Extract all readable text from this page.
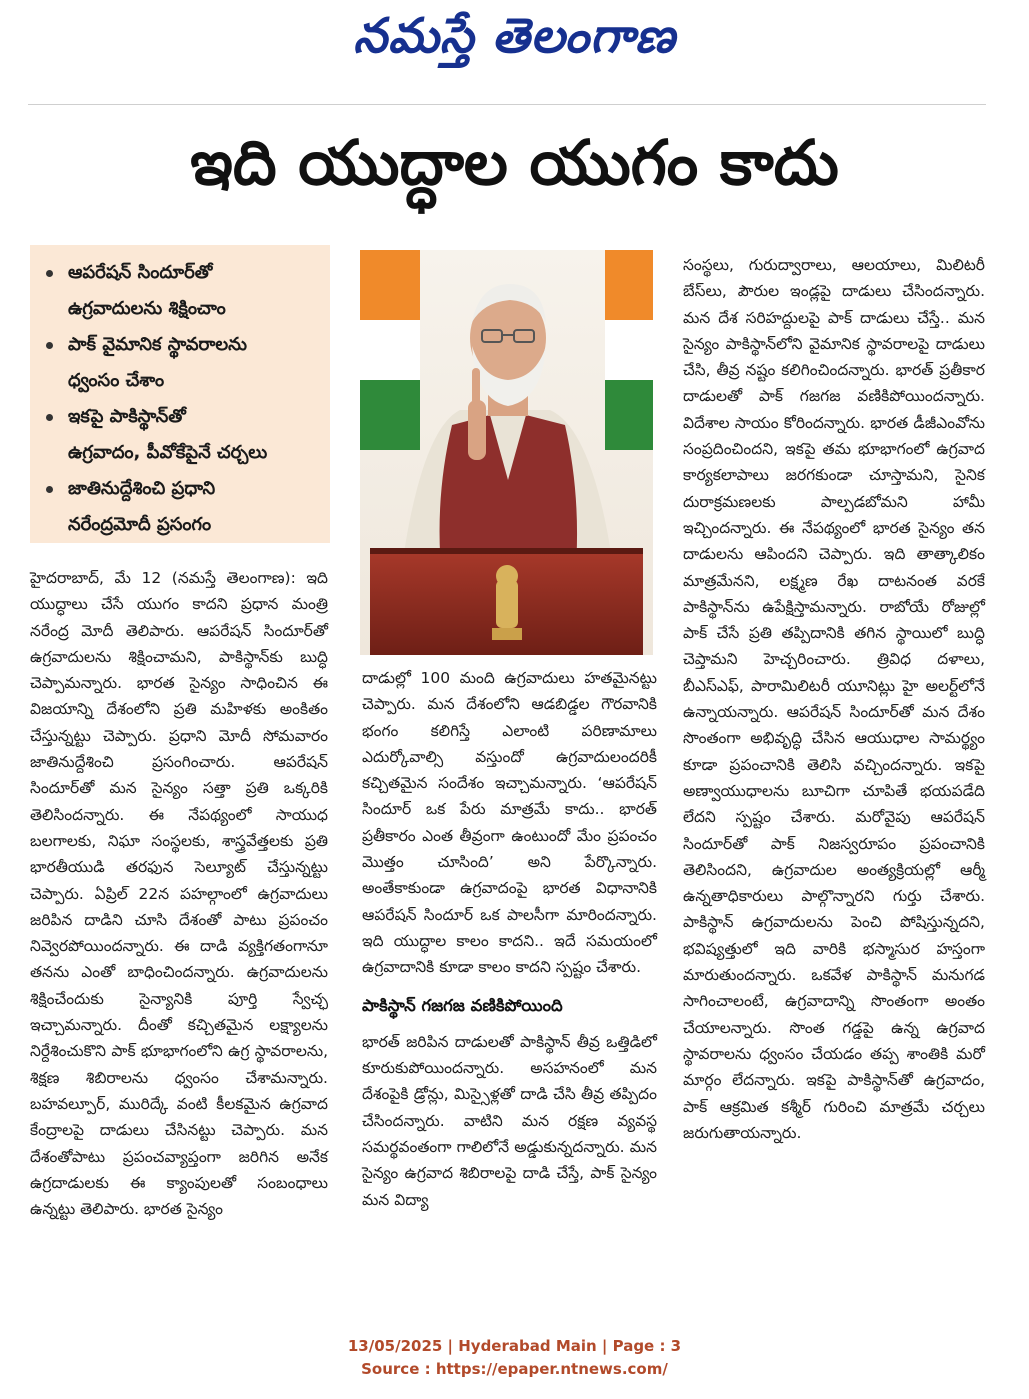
నమస్తే తెలంగాణ
ఇది యుద్ధాల యుగం కాదు
ఆపరేషన్ సిందూర్‌తో
ఉగ్రవాదులను శిక్షించాం
పాక్ వైమానిక స్థావరాలను
ధ్వంసం చేశాం
ఇకపై పాకిస్థాన్‌తో
ఉగ్రవాదం, పీవోకేపైనే చర్చలు
జాతినుద్దేశించి ప్రధాని
నరేంద్రమోదీ ప్రసంగం

హైదరాబాద్, మే 12 (నమస్తే తెలంగాణ): ఇది యుద్ధాలు చేసే యుగం కాదని ప్రధాన మంత్రి నరేంద్ర మోదీ తెలిపారు. ఆపరేషన్ సిందూర్‌తో ఉగ్రవాదులను శిక్షించామని, పాకిస్థాన్‌కు బుద్ధి చెప్పామన్నారు. భారత సైన్యం సాధించిన ఈ విజయాన్ని దేశంలోని ప్రతి మహిళకు అంకితం చేస్తున్నట్టు చెప్పారు. ప్రధాని మోదీ సోమవారం జాతినుద్దేశించి ప్రసంగించారు. ఆపరేషన్ సిందూర్‌తో మన సైన్యం సత్తా ప్రతి ఒక్కరికి తెలిసిందన్నారు. ఈ నేపథ్యంలో సాయుధ బలగాలకు, నిఘా సంస్థలకు, శాస్త్రవేత్తలకు ప్రతి భారతీయుడి తరఫున సెల్యూట్ చేస్తున్నట్టు చెప్పారు. ఏప్రిల్ 22న పహల్గాంలో ఉగ్రవాదులు జరిపిన దాడిని చూసి దేశంతో పాటు ప్రపంచం నివ్వెరపోయిందన్నారు. ఈ దాడి వ్యక్తిగతంగానూ తనను ఎంతో బాధించిందన్నారు. ఉగ్రవాదులను శిక్షించేందుకు సైన్యానికి పూర్తి స్వేచ్ఛ ఇచ్చామన్నారు. దీంతో కచ్చితమైన లక్ష్యాలను నిర్దేశించుకొని పాక్ భూభాగంలోని ఉగ్ర స్థావరాలను, శిక్షణ శిబిరాలను ధ్వంసం చేశామన్నారు. బహవల్పూర్, మురిద్కే వంటి కీలకమైన ఉగ్రవాద కేంద్రాలపై దాడులు చేసినట్టు చెప్పారు. మన దేశంతోపాటు ప్రపంచవ్యాప్తంగా జరిగిన అనేక ఉగ్రదాడులకు ఈ క్యాంపులతో సంబంధాలు ఉన్నట్టు తెలిపారు. భారత సైన్యం

దాడుల్లో 100 మంది ఉగ్రవాదులు హతమైనట్టు చెప్పారు. మన దేశంలోని ఆడబిడ్డల గౌరవానికి భంగం కలిగిస్తే ఎలాంటి పరిణామాలు ఎదుర్కోవాల్సి వస్తుందో ఉగ్రవాదులందరికీ కచ్చితమైన సందేశం ఇచ్చామన్నారు. ‘ఆపరేషన్ సిందూర్ ఒక పేరు మాత్రమే కాదు.. భారత్ ప్రతీకారం ఎంత తీవ్రంగా ఉంటుందో మేం ప్రపంచం మొత్తం చూసింది’ అని పేర్కొన్నారు. అంతేకాకుండా ఉగ్రవాదంపై భారత విధానానికి ఆపరేషన్ సిందూర్ ఒక పాలసీగా మారిందన్నారు. ఇది యుద్ధాల కాలం కాదని.. ఇదే సమయంలో ఉగ్రవాదానికి కూడా కాలం కాదని స్పష్టం చేశారు.

పాకిస్థాన్ గజగజ వణికిపోయింది

భారత్ జరిపిన దాడులతో పాకిస్థాన్ తీవ్ర ఒత్తిడిలో కూరుకుపోయిందన్నారు. అసహనంలో మన దేశంపైకి డ్రోన్లు, మిస్సైళ్లతో దాడి చేసి తీవ్ర తప్పిదం చేసిందన్నారు. వాటిని మన రక్షణ వ్యవస్థ సమర్థవంతంగా గాలిలోనే అడ్డుకున్నదన్నారు. మన సైన్యం ఉగ్రవాద శిబిరాలపై దాడి చేస్తే, పాక్ సైన్యం మన విద్యా

సంస్థలు, గురుద్వారాలు, ఆలయాలు, మిలిటరీ బేస్‌లు, పౌరుల ఇండ్లపై దాడులు చేసిందన్నారు. మన దేశ సరిహద్దులపై పాక్ దాడులు చేస్తే.. మన సైన్యం పాకిస్థాన్‌లోని వైమానిక స్థావరాలపై దాడులు చేసి, తీవ్ర నష్టం కలిగించిందన్నారు. భారత్ ప్రతీకార దాడులతో పాక్ గజగజ వణికిపోయిందన్నారు. విదేశాల సాయం కోరిందన్నారు. భారత డీజీఎంవోను సంప్రదించిందని, ఇకపై తమ భూభాగంలో ఉగ్రవాద కార్యకలాపాలు జరగకుండా చూస్తామని, సైనిక దురాక్రమణలకు పాల్పడబోమని హామీ ఇచ్చిందన్నారు. ఈ నేపథ్యంలో భారత సైన్యం తన దాడులను ఆపిందని చెప్పారు. ఇది తాత్కాలికం మాత్రమేనని, లక్ష్మణ రేఖ దాటనంత వరకే పాకిస్థాన్‌ను ఉపేక్షిస్తామన్నారు. రాబోయే రోజుల్లో పాక్ చేసే ప్రతి తప్పిదానికి తగిన స్థాయిలో బుద్ధి చెప్తామని హెచ్చరించారు. త్రివిధ దళాలు, బీఎస్‌ఎఫ్, పారామిలిటరీ యూనిట్లు హై అలర్ట్‌లోనే ఉన్నాయన్నారు. ఆపరేషన్ సిందూర్‌తో మన దేశం సొంతంగా అభివృద్ధి చేసిన ఆయుధాల సామర్థ్యం కూడా ప్రపంచానికి తెలిసి వచ్చిందన్నారు. ఇకపై అణ్వాయుధాలను బూచిగా చూపితే భయపడేది లేదని స్పష్టం చేశారు. మరోవైపు ఆపరేషన్ సిందూర్‌తో పాక్ నిజస్వరూపం ప్రపంచానికి తెలిసిందని, ఉగ్రవాదుల అంత్యక్రియల్లో ఆర్మీ ఉన్నతాధికారులు పాల్గొన్నారని గుర్తు చేశారు. పాకిస్థాన్ ఉగ్రవాదులను పెంచి పోషిస్తున్నదని, భవిష్యత్తులో ఇది వారికి భస్మాసుర హస్తంగా మారుతుందన్నారు. ఒకవేళ పాకిస్థాన్ మనుగడ సాగించాలంటే, ఉగ్రవాదాన్ని సొంతంగా అంతం చేయాలన్నారు. సొంత గడ్డపై ఉన్న ఉగ్రవాద స్థావరాలను ధ్వంసం చేయడం తప్ప శాంతికి మరో మార్గం లేదన్నారు. ఇకపై పాకిస్థాన్‌తో ఉగ్రవాదం, పాక్ ఆక్రమిత కశ్మీర్ గురించి మాత్రమే చర్చలు జరుగుతాయన్నారు.

13/05/2025 | Hyderabad Main | Page : 3
Source : https://epaper.ntnews.com/
